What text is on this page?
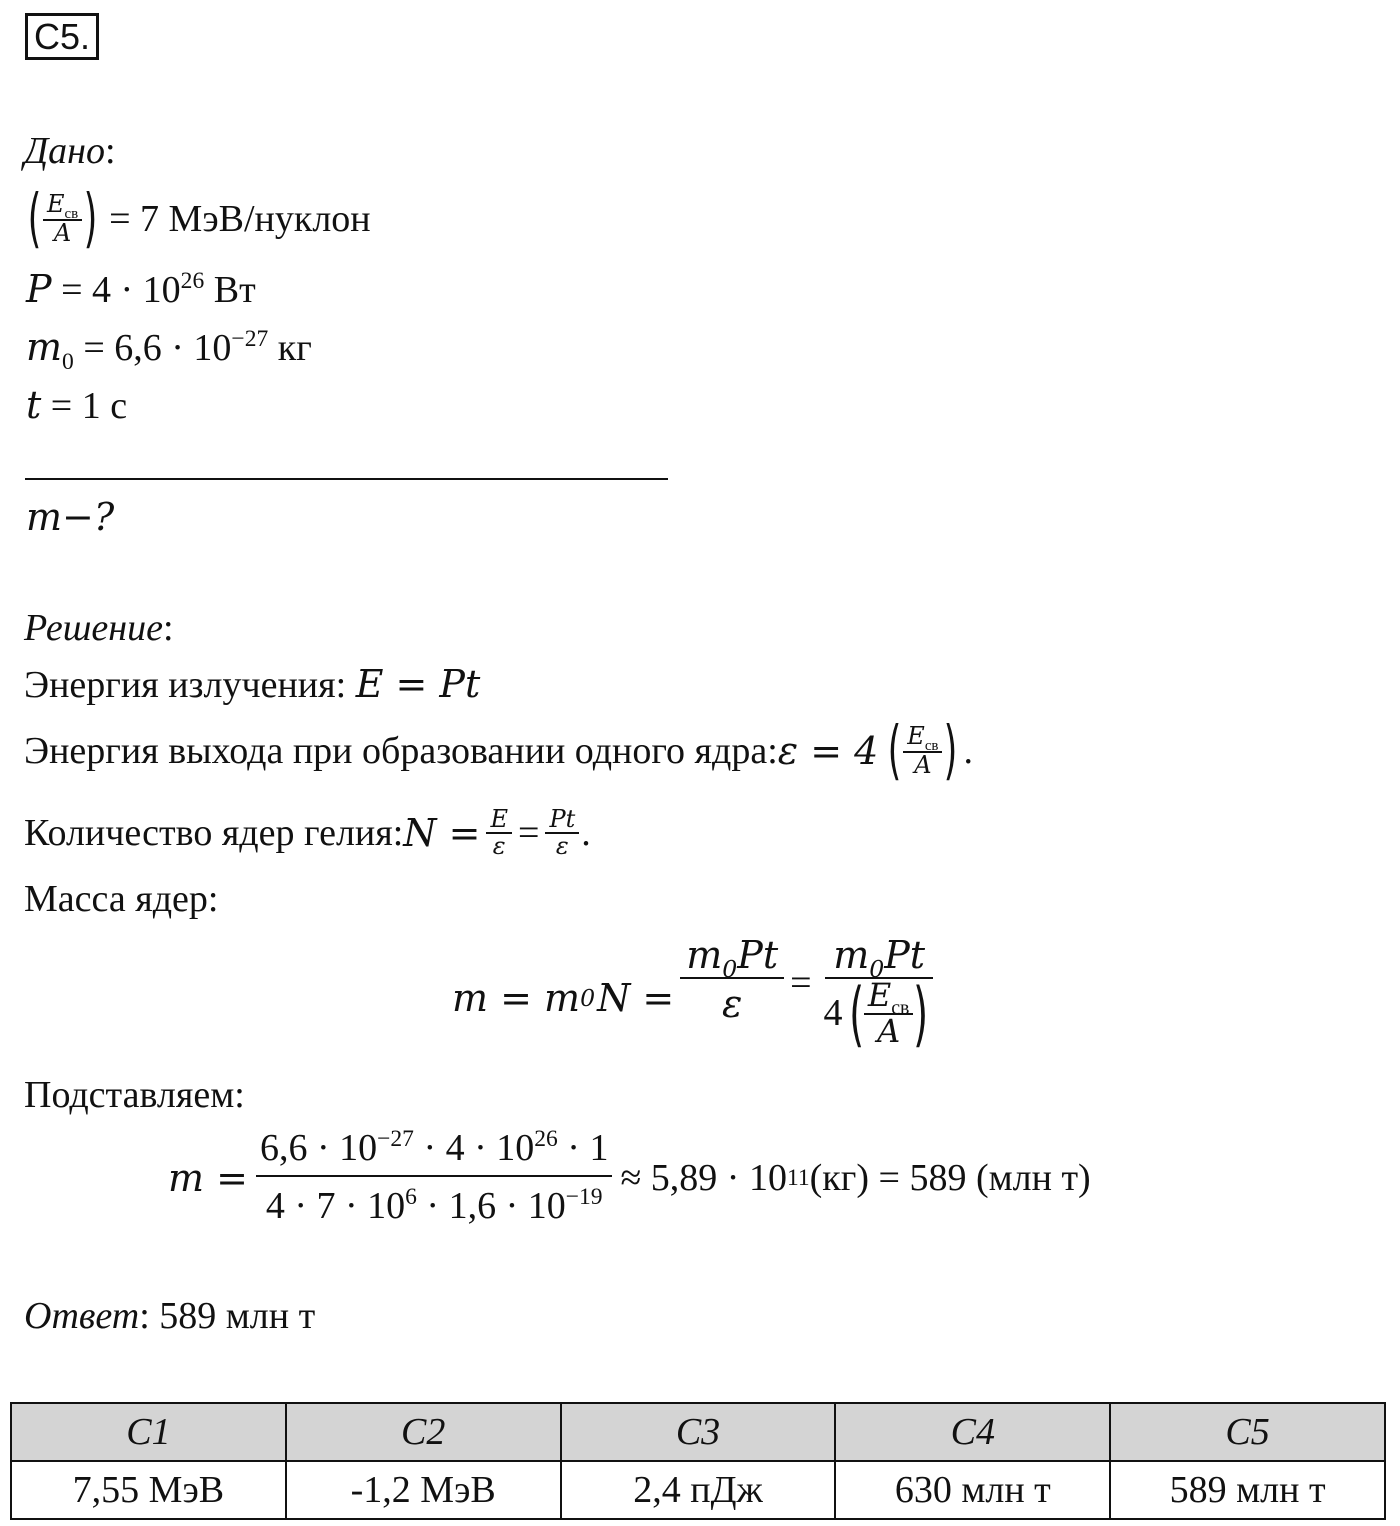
C5.
Дано:
( $\frac{E_{св}}{A}$ ) = 7 МэВ/нуклон
$P = 4 \cdot 10^{26}$ Вт
$m_0 = 6,6 \cdot 10^{-27}$ кг
t = 1 с
m−?
Решение:
Энергия излучения: E = Pt
Энергия выхода при образовании одного ядра: ε = 4 ( $\frac{E_{св}}{A}$ ) .
Количество ядер гелия: $N = \frac{E}{\varepsilon} = \frac{Pt}{\varepsilon}$ .
Масса ядер:
m = m 0 $N = \frac{m_0Pt}{\varepsilon} = \frac{m_0Pt}{4 ( \frac{E_{св}}{A} )}$
Подставляем:
$m = \frac{6,6 \cdot 10^{-27} \cdot 4 \cdot 10^{26} \cdot 1}{4 \cdot 7 \cdot 10^6 \cdot 1,6 \cdot 10^{-19}} \approx 5,89 \cdot 10^{11}$ (кг) = 589 (млн т)
Ответ: 589 млн т
C1	C2	C3	C4	C5
7,55 МэВ	-1,2 МэВ	2,4 пДж	630 млн т	589 млн т
